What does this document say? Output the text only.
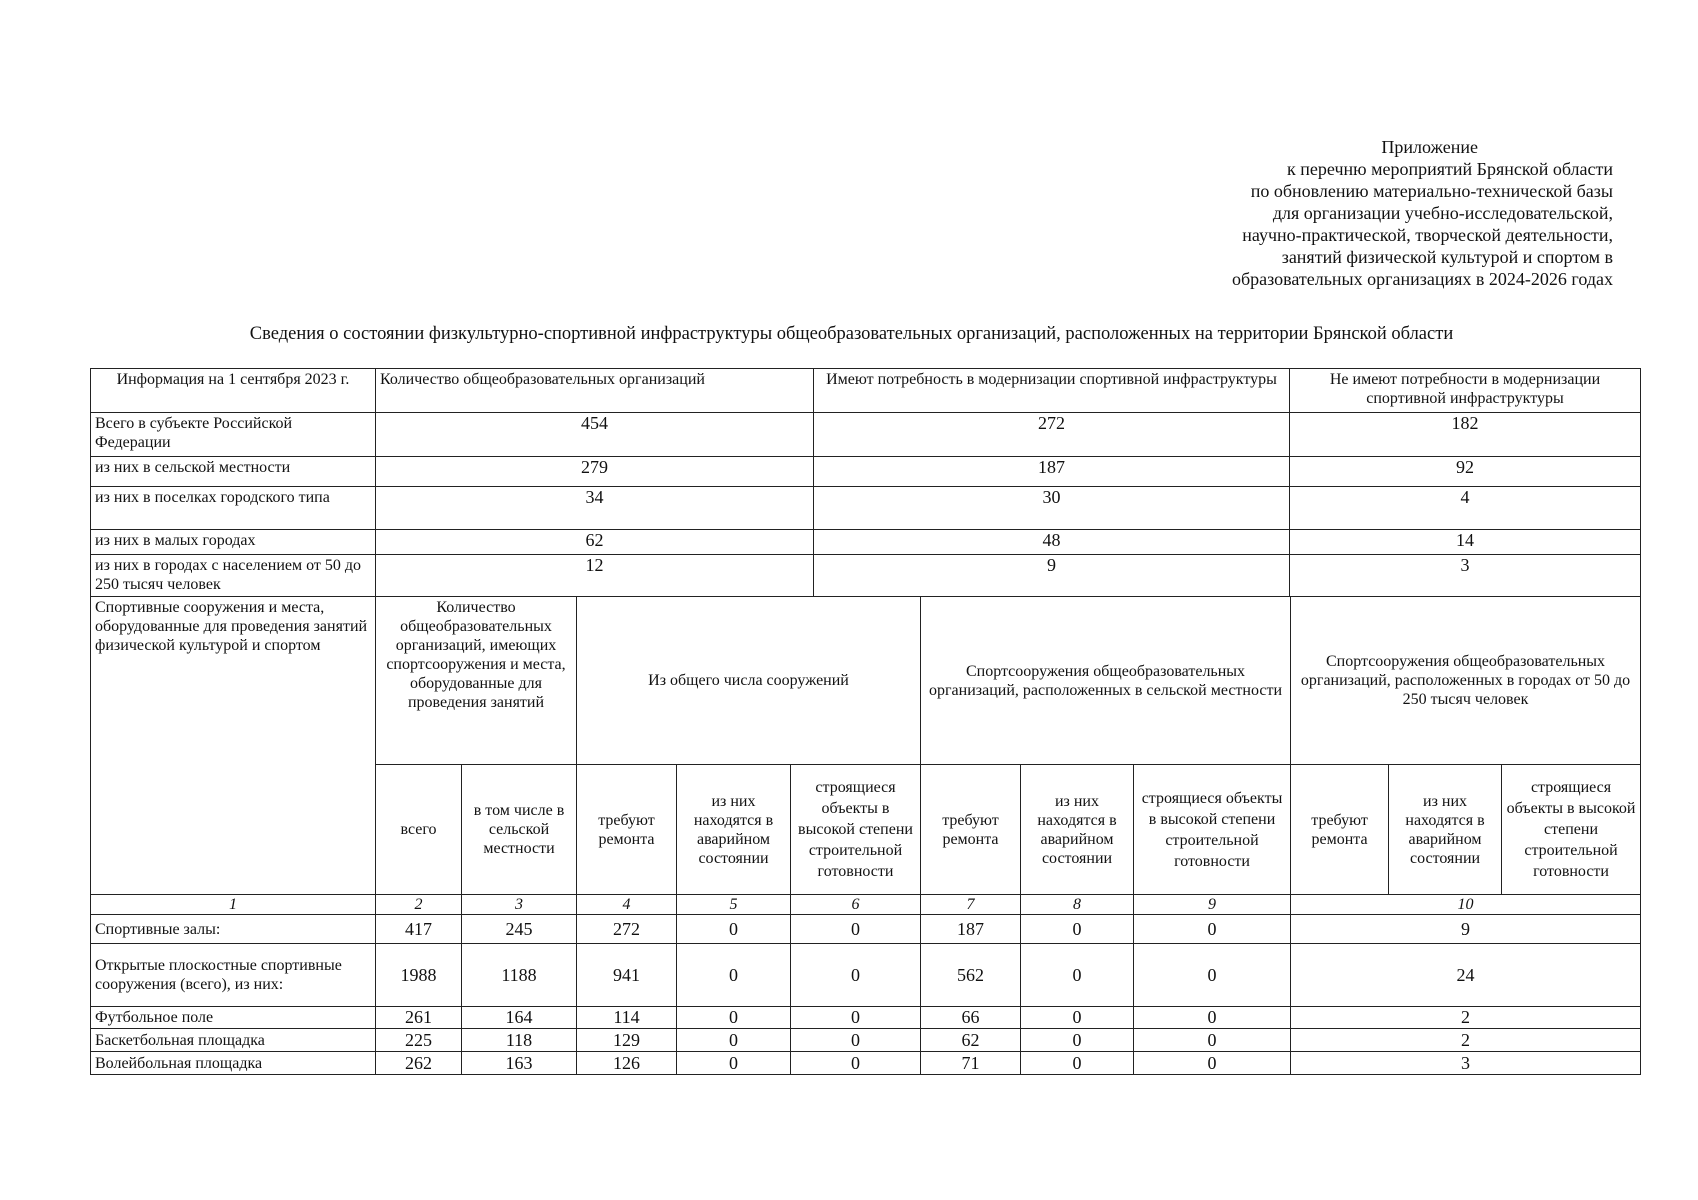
Приложение
к перечню мероприятий Брянской области
по обновлению материально-технической базы
для организации учебно-исследовательской,
научно-практической, творческой деятельности,
занятий физической культурой и спортом в
образовательных организациях в 2024-2026 годах
Сведения о состоянии физкультурно-спортивной инфраструктуры общеобразовательных организаций, расположенных на территории Брянской области
Информация на 1 сентября 2023 г.	Количество общеобразовательных организаций	Имеют потребность в модернизации спортивной инфраструктуры	Не имеют потребности в модернизации спортивной инфраструктуры
Всего в субъекте Российской Федерации	454	272	182
из них в сельской местности	279	187	92
из них в поселках городского типа	34	30	4
из них в малых городах	62	48	14
из них в городах с населением от 50 до 250 тысяч человек	12	9	3
Спортивные сооружения и места, оборудованные для проведения занятий физической культурой и спортом	Количество общеобразовательных организаций, имеющих спортсооружения и места, оборудованные для проведения занятий		Из общего числа сооружений			Спортсооружения общеобразовательных организаций, расположенных в сельской местности			Спортсооружения общеобразовательных организаций, расположенных в городах от 50 до 250 тысяч человек		
	всего	в том числе в сельской местности	требуют ремонта	из них находятся в аварийном состоянии	строящиеся объекты в высокой степени строительной готовности	требуют ремонта	из них находятся в аварийном состоянии	строящиеся объекты в высокой степени строительной готовности	требуют ремонта	из них находятся в аварийном состоянии	строящиеся объекты в высокой степени строительной готовности
1	2	3	4	5	6	7	8	9	10		
Спортивные залы:	417	245	272	0	0	187	0	0	9		
Открытые плоскостные спортивные сооружения (всего), из них:	1988	1188	941	0	0	562	0	0	24		
Футбольное поле	261	164	114	0	0	66	0	0	2		
Баскетбольная площадка	225	118	129	0	0	62	0	0	2		
Волейбольная площадка	262	163	126	0	0	71	0	0	3		
